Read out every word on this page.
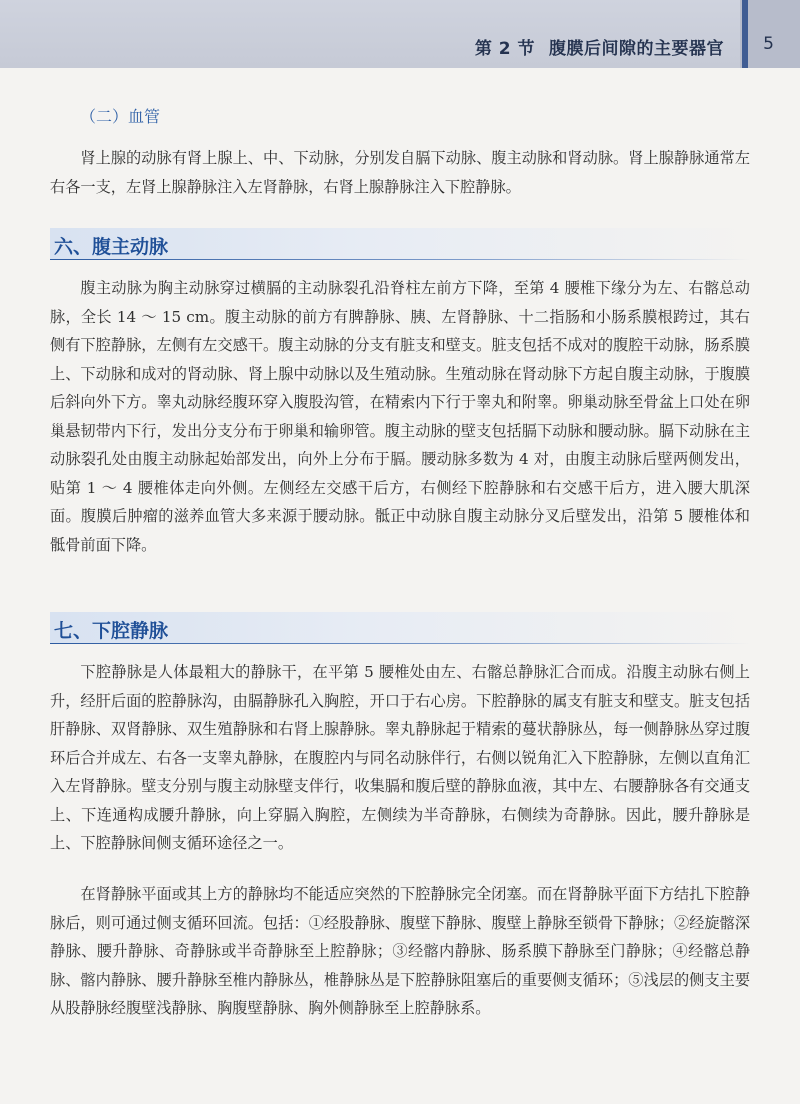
第 2 节 腹膜后间隙的主要器官 5
（二）血管

肾上腺的动脉有肾上腺上、中、下动脉，分别发自膈下动脉、腹主动脉和肾动脉。肾上腺静脉通常左右各一支，左肾上腺静脉注入左肾静脉，右肾上腺静脉注入下腔静脉。

六、腹主动脉

腹主动脉为胸主动脉穿过横膈的主动脉裂孔沿脊柱左前方下降，至第 4 腰椎下缘分为左、右髂总动脉，全长 14 ～ 15 cm。腹主动脉的前方有脾静脉、胰、左肾静脉、十二指肠和小肠系膜根跨过，其右侧有下腔静脉，左侧有左交感干。腹主动脉的分支有脏支和壁支。脏支包括不成对的腹腔干动脉，肠系膜上、下动脉和成对的肾动脉、肾上腺中动脉以及生殖动脉。生殖动脉在肾动脉下方起自腹主动脉，于腹膜后斜向外下方。睾丸动脉经腹环穿入腹股沟管，在精索内下行于睾丸和附睾。卵巢动脉至骨盆上口处在卵巢悬韧带内下行，发出分支分布于卵巢和输卵管。腹主动脉的壁支包括膈下动脉和腰动脉。膈下动脉在主动脉裂孔处由腹主动脉起始部发出，向外上分布于膈。腰动脉多数为 4 对，由腹主动脉后壁两侧发出，贴第 1 ～ 4 腰椎体走向外侧。左侧经左交感干后方，右侧经下腔静脉和右交感干后方，进入腰大肌深面。腹膜后肿瘤的滋养血管大多来源于腰动脉。骶正中动脉自腹主动脉分叉后壁发出，沿第 5 腰椎体和骶骨前面下降。

七、下腔静脉

下腔静脉是人体最粗大的静脉干，在平第 5 腰椎处由左、右髂总静脉汇合而成。沿腹主动脉右侧上升，经肝后面的腔静脉沟，由膈静脉孔入胸腔，开口于右心房。下腔静脉的属支有脏支和壁支。脏支包括肝静脉、双肾静脉、双生殖静脉和右肾上腺静脉。睾丸静脉起于精索的蔓状静脉丛，每一侧静脉丛穿过腹环后合并成左、右各一支睾丸静脉，在腹腔内与同名动脉伴行，右侧以锐角汇入下腔静脉，左侧以直角汇入左肾静脉。壁支分别与腹主动脉壁支伴行，收集膈和腹后壁的静脉血液，其中左、右腰静脉各有交通支上、下连通构成腰升静脉，向上穿膈入胸腔，左侧续为半奇静脉，右侧续为奇静脉。因此，腰升静脉是上、下腔静脉间侧支循环途径之一。

在肾静脉平面或其上方的静脉均不能适应突然的下腔静脉完全闭塞。而在肾静脉平面下方结扎下腔静脉后，则可通过侧支循环回流。包括：①经股静脉、腹壁下静脉、腹壁上静脉至锁骨下静脉；②经旋髂深静脉、腰升静脉、奇静脉或半奇静脉至上腔静脉；③经髂内静脉、肠系膜下静脉至门静脉；④经髂总静脉、髂内静脉、腰升静脉至椎内静脉丛，椎静脉丛是下腔静脉阻塞后的重要侧支循环；⑤浅层的侧支主要从股静脉经腹壁浅静脉、胸腹壁静脉、胸外侧静脉至上腔静脉系。
